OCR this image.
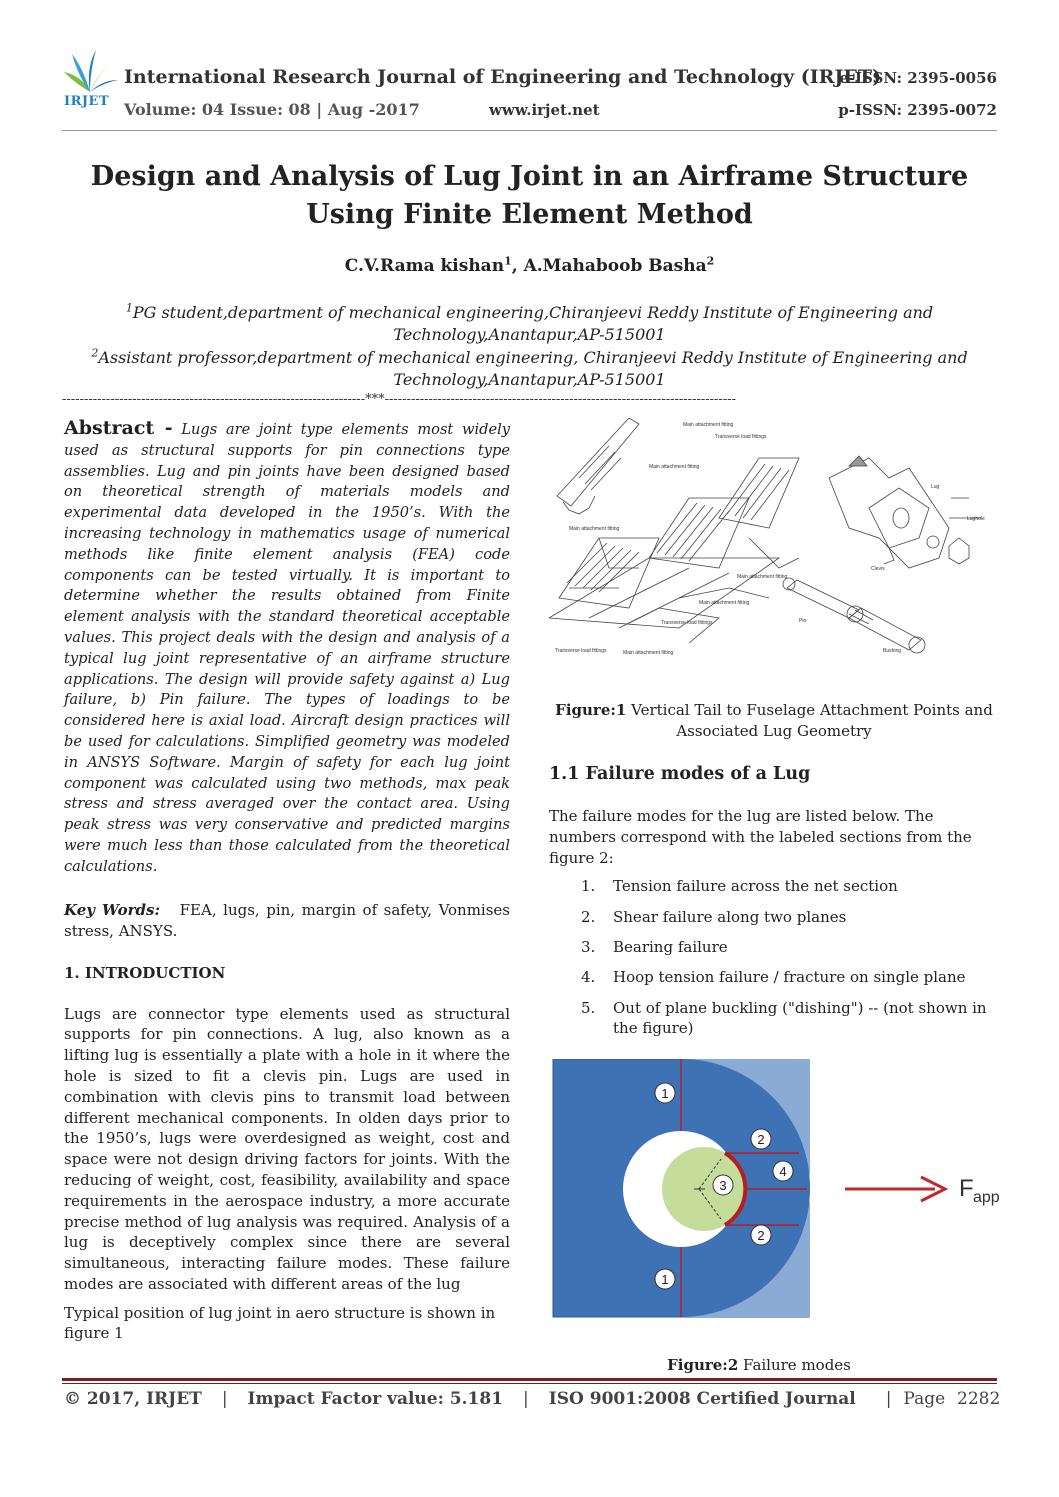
IRJET
International Research Journal of Engineering and Technology (IRJET)
e-ISSN: 2395-0056
Volume: 04 Issue: 08 | Aug -2017	www.irjet.net	p-ISSN: 2395-0072
Design and Analysis of Lug Joint in an Airframe Structure Using Finite Element Method
C.V.Rama kishan$^1$, A.Mahaboob Basha$^2$
$^1$PG student,department of mechanical engineering,Chiranjeevi Reddy Institute of Engineering and Technology,Anantapur,AP-515001
$^2$Assistant professor,department of mechanical engineering, Chiranjeevi Reddy Institute of Engineering and Technology,Anantapur,AP-515001
---------------------------------------------------------------------***--------------------------------------------------------------------------------
Abstract - Lugs are joint type elements most widely used as structural supports for pin connections type assemblies. Lug and pin joints have been designed based on theoretical strength of materials models and experimental data developed in the 1950’s. With the increasing technology in mathematics usage of numerical methods like finite element analysis (FEA) code components can be tested virtually. It is important to determine whether the results obtained from Finite element analysis with the standard theoretical acceptable values. This project deals with the design and analysis of a typical lug joint representative of an airframe structure applications. The design will provide safety against a) Lug failure, b) Pin failure. The types of loadings to be considered here is axial load. Aircraft design practices will be used for calculations. Simplified geometry was modeled in ANSYS Software. Margin of safety for each lug joint component was calculated using two methods, max peak stress and stress averaged over the contact area. Using peak stress was very conservative and predicted margins were much less than those calculated from the theoretical calculations.
Key Words: FEA, lugs, pin, margin of safety, Vonmises stress, ANSYS.
1. INTRODUCTION
Lugs are connector type elements used as structural supports for pin connections. A lug, also known as a lifting lug is essentially a plate with a hole in it where the hole is sized to fit a clevis pin. Lugs are used in combination with clevis pins to transmit load between different mechanical components. In olden days prior to the 1950’s, lugs were overdesigned as weight, cost and space were not design driving factors for joints. With the reducing of weight, cost, feasibility, availability and space requirements in the aerospace industry, a more accurate precise method of lug analysis was required. Analysis of a lug is deceptively complex since there are several simultaneous, interacting failure modes. These failure modes are associated with different areas of the lug
Typical position of lug joint in aero structure is shown in figure 1
Main attachment fitting
Transverse load fittings
Main attachment fitting
Main attachment fitting
Main attachment fitting
Main attachment fitting
Transverse load fittings
Transverse load fittings	Main attachment fitting
Lug
Lughole
Clevis
Pin
Bushing
Figure:1 Vertical Tail to Fuselage Attachment Points and Associated Lug Geometry
1.1 Failure modes of a Lug
The failure modes for the lug are listed below. The numbers correspond with the labeled sections from the figure 2:
1. Tension failure across the net section
2. Shear failure along two planes
3. Bearing failure
4. Hoop tension failure / fracture on single plane
5. Out of plane buckling ("dishing") -- (not shown in the figure)
1
2
3
4
2
1
F app
Figure:2 Failure modes
© 2017, IRJET | Impact Factor value: 5.181 | ISO 9001:2008 Certified Journal | Page 2282
